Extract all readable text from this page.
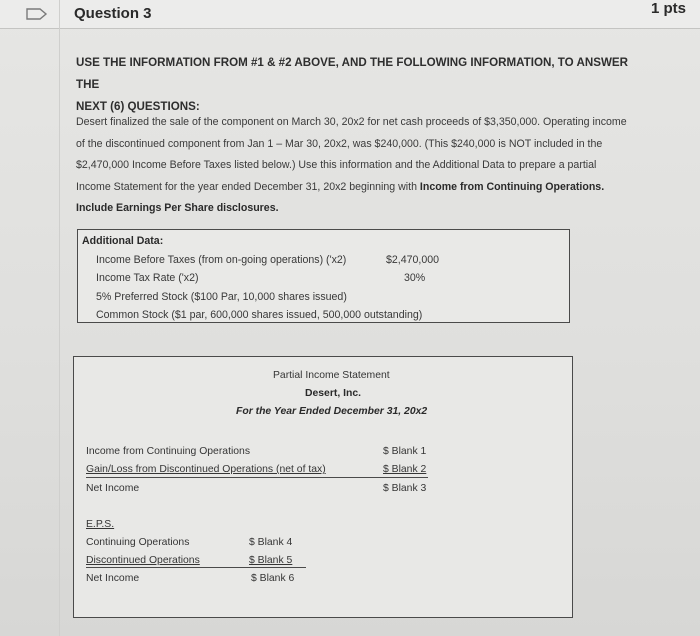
Question 3	1 pts
USE THE INFORMATION FROM #1 & #2 ABOVE, AND THE FOLLOWING INFORMATION, TO ANSWER THE
NEXT (6) QUESTIONS:
Desert finalized the sale of the component on March 30, 20x2 for net cash proceeds of $3,350,000. Operating income
of the discontinued component from Jan 1 – Mar 30, 20x2, was $240,000. (This $240,000 is NOT included in the
$2,470,000 Income Before Taxes listed below.) Use this information and the Additional Data to prepare a partial
Income Statement for the year ended December 31, 20x2 beginning with Income from Continuing Operations.
Include Earnings Per Share disclosures.
Additional Data:
Income Before Taxes (from on-going operations) ('x2)	$2,470,000
Income Tax Rate ('x2)	30%
5% Preferred Stock ($100 Par, 10,000 shares issued)
Common Stock ($1 par, 600,000 shares issued, 500,000 outstanding)
Partial Income Statement
Desert, Inc.
For the Year Ended December 31, 20x2
Income from Continuing Operations	$ Blank 1
Gain/Loss from Discontinued Operations (net of tax)	$ Blank 2
Net Income	$ Blank 3
E.P.S.
Continuing Operations	$ Blank 4
Discontinued Operations	$ Blank 5
Net Income	$ Blank 6
